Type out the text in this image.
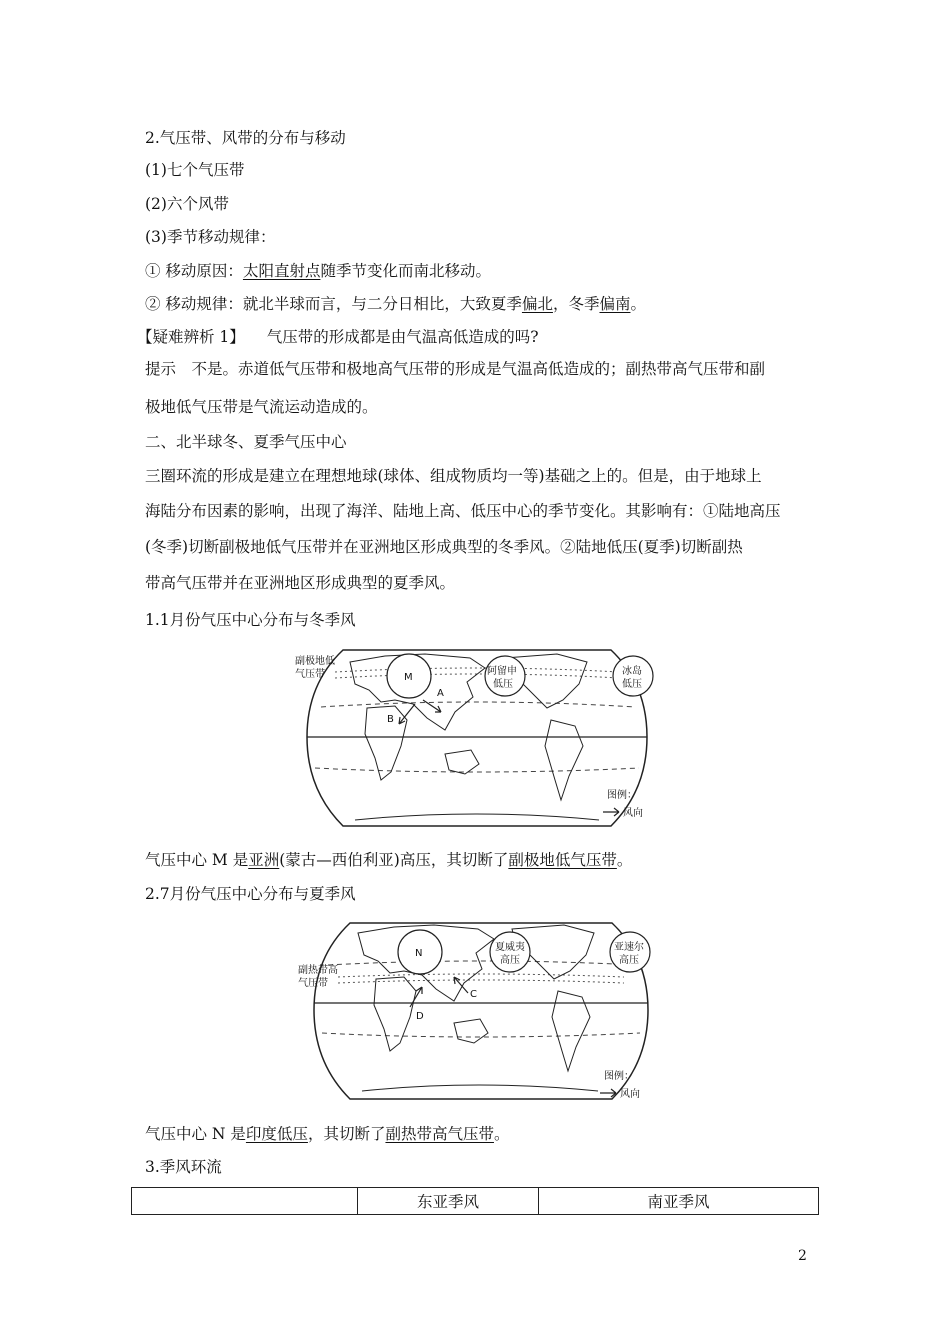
2.气压带、风带的分布与移动
(1)七个气压带
(2)六个风带
(3)季节移动规律：
① 移动原因：太阳直射点随季节变化而南北移动。
② 移动规律：就北半球而言，与二分日相比，大致夏季偏北，冬季偏南。
【疑难辨析 1】 气压带的形成都是由气温高低造成的吗?
提示　不是。赤道低气压带和极地高气压带的形成是气温高低造成的；副热带高气压带和副
极地低气压带是气流运动造成的。
二、北半球冬、夏季气压中心
三圈环流的形成是建立在理想地球(球体、组成物质均一等)基础之上的。但是，由于地球上
海陆分布因素的影响，出现了海洋、陆地上高、低压中心的季节变化。其影响有：①陆地高压
(冬季)切断副极地低气压带并在亚洲地区形成典型的冬季风。②陆地低压(夏季)切断副热
带高气压带并在亚洲地区形成典型的夏季风。
1.1月份气压中心分布与冬季风
M
阿留申
低压
冰岛
低压
副极地低
气压带
A
B
图例：
风向
气压中心 M 是亚洲(蒙古—西伯利亚)高压，其切断了副极地低气压带。
2.7月份气压中心分布与夏季风
N
夏威夷
高压
亚速尔
高压
副热带高
气压带
C
D
图例：
风向
气压中心 N 是印度低压，其切断了副热带高气压带。
3.季风环流
	东亚季风	南亚季风
2
